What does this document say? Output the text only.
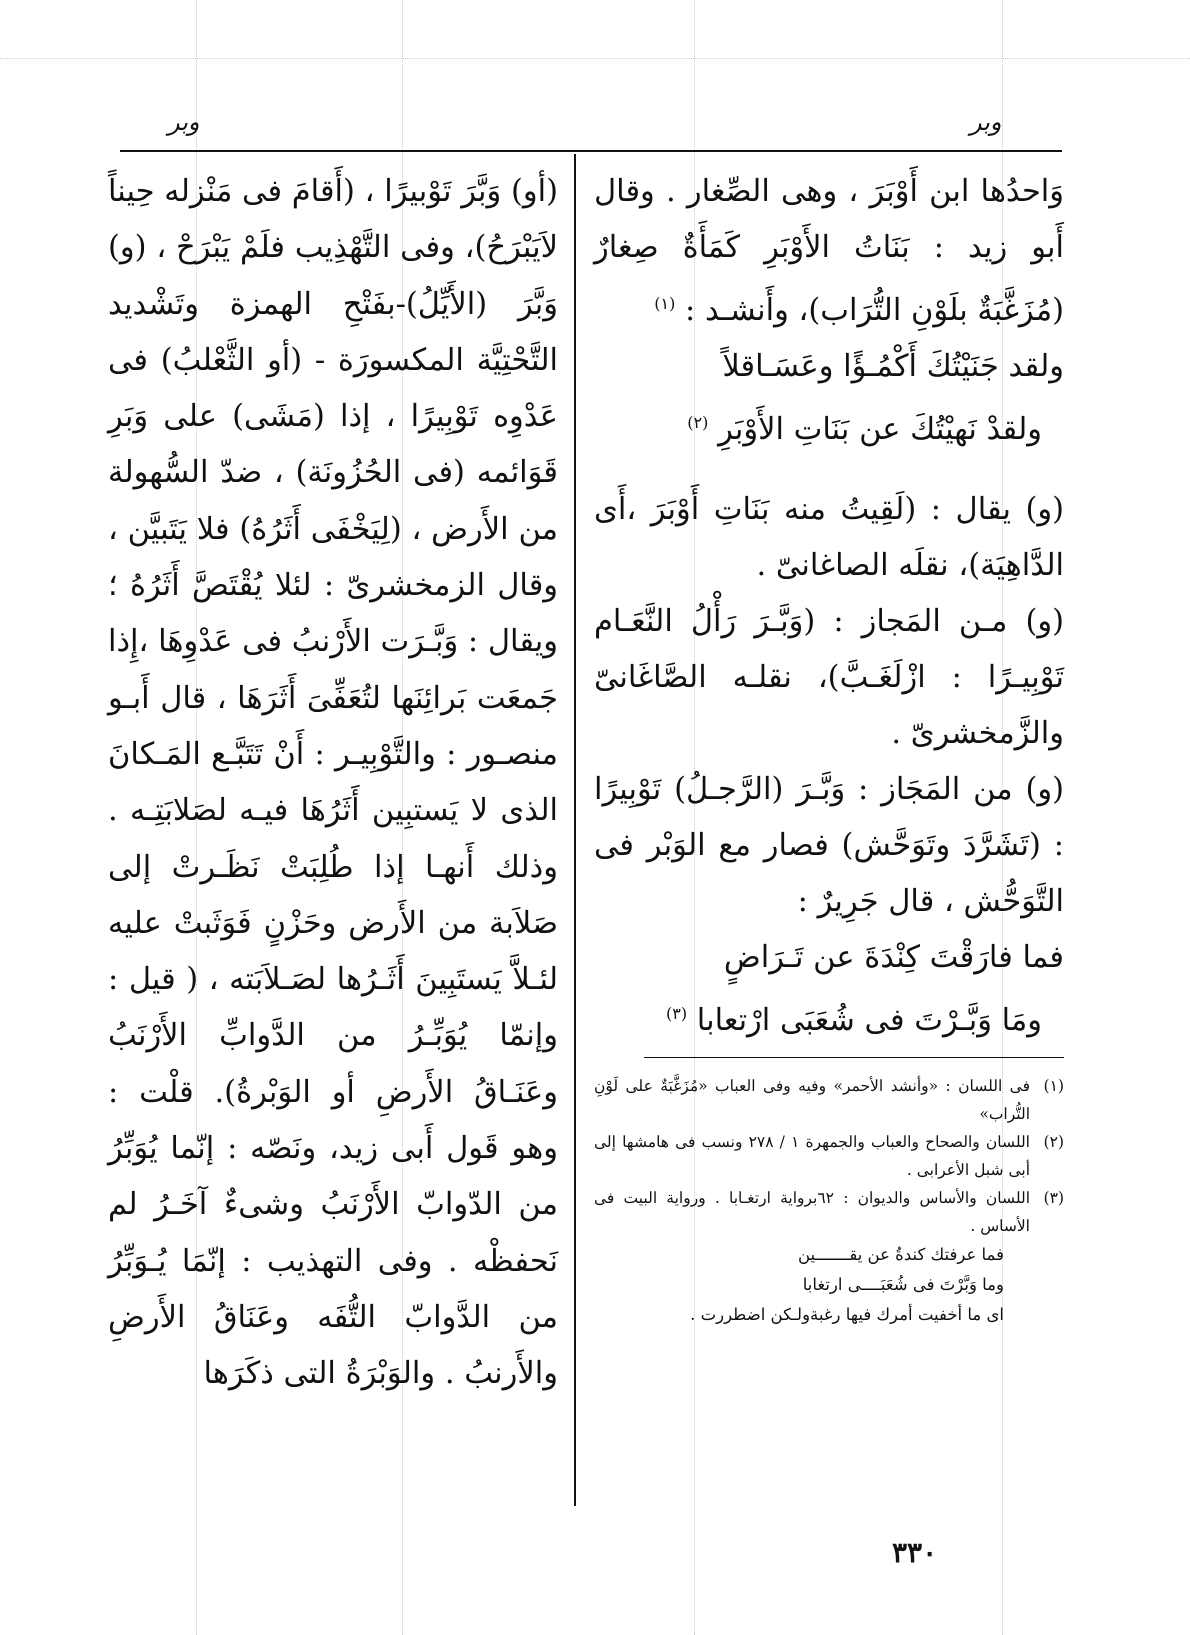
وبر
وبر

وَاحدُها ابن أَوْبَرَ ، وهى الصِّغار . وقال أَبو زيد : بَنَاتُ الأَوْبَرِ كَمَأَةٌ صِغارٌ (مُزَغَّبَةٌ بلَوْنِ التُّرَاب)، وأَنشـد : $^{(١)}$

ولقد جَنَيْتُكَ أَكْمُـؤًا وعَسَـاقلاً
ولقدْ نَهيْتُكَ عن بَنَاتِ الأَوْبَرِ $^{(٢)}$

(و) يقال : (لَقِيتُ منه بَنَاتِ أَوْبَرَ ،أَى الدَّاهِيَة)، نقلَه الصاغانىّ .

(و) مـن المَجاز : (وَبَّـرَ رَأْلُ النَّعَـام تَوْبِيـرًا : ازْلَغَـبَّ)، نقلـه الصَّاغَانىّ والزَّمخشرىّ .

(و) من المَجَاز : وَبَّـرَ (الرَّجـلُ) تَوْبِيرًا : (تَشَرَّدَ وتَوَحَّش) فصار مع الوَبْر فى التَّوَحُّش ، قال جَرِيرٌ :

فما فارَقْتَ كِنْدَةَ عن تَـرَاضٍ
ومَا وَبَّـرْتَ فى شُعَبَى ارْتعابا $^{(٣)}$
(١)
فى اللسان : «وأنشد الأحمر» وفيه وفى العباب «مُزَغَّبَةٌ على لَوْنِ التُّراب»
(٢)
اللسان والصحاح والعباب والجمهرة ١ / ٢٧٨ ونسب فى هامشها إلى أبى شبل الأعرابى .
(٣)
اللسان والأساس والديوان : ٦٢برواية ارتغـابا . ورواية البيت فى الأساس .
فما عرفتك كندةُ عن يقـــــــين
وما وَبَّرْتَ فى شُعَبَــــى ارتغابا
اى ما أخفيت أمرك فيها رغبةولـكن اضطررت .

(أو) وَبَّرَ تَوْبيرًا ، (أَقامَ فى مَنْزله حِيناً لاَيَبْرَحُ)، وفى التَّهْذِيب فلَمْ يَبْرَحْ ، (و) وَبَّرَ (الأَيِّلُ)-بفَتْحِ الهمزة وتَشْديد التَّحْتِيَّة المكسورَة - (أو الثَّعْلبُ) فى عَدْوِه تَوْبِيرًا ، إذا (مَشَى) على وَبَرِ قَوَائمه (فى الحُزُونَة) ، ضدّ السُّهولة من الأَرض ، (لِيَخْفَى أَثَرُهُ) فلا يَتَبيَّن ، وقال الزمخشرىّ : لئلا يُقْتَصَّ أَثَرُهُ ؛ ويقال : وَبَّـرَت الأَرْنبُ فى عَدْوِهَا ،إِذا جَمعَت بَرائِنَها لتُعَفِّىَ أَثَرَهَا ، قال أَبـو منصـور : والتَّوْبِيـر : أَنْ تَتَبَّـع المَـكانَ الذى لا يَستبِين أَثَرُهَا فيـه لصَلابَتِـه . وذلك أَنهـا إذا طُلِبَتْ نَظَـرتْ إلى صَلاَبة من الأَرض وحَزْنٍ فَوَثَبتْ عليه لئـلاَّ يَستَبِينَ أَثَـرُها لصَـلاَبَته ، ( قيل : وإنمّا يُوَبِّـرُ من الدَّوابِّ الأَرْنَبُ وعَنَـاقُ الأَرضِ أو الوَبْرةُ). قلْت : وهو قَول أَبى زيد، ونَصّه : إنّما يُوَبِّرُ من الدّوابّ الأَرْنَبُ وشىءٌ آخَـرُ لم نَحفظْه . وفى التهذيب : إنّمَا يُـوَبِّرُ من الدَّوابّ التُّفَه وعَنَاقُ الأَرضِ والأَرنبُ . والوَبْرَةُ التى ذكَرَها

٣٣٠
